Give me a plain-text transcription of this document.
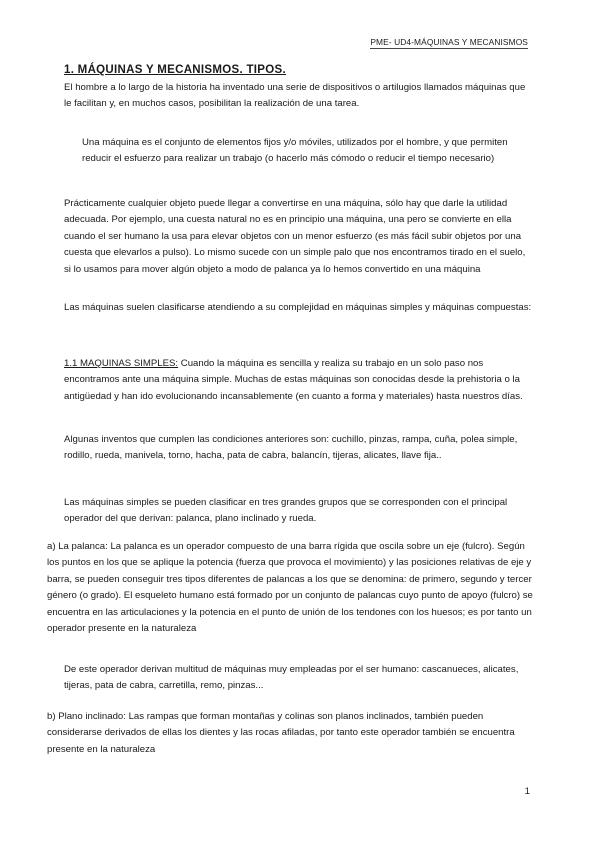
PME- UD4-MÁQUINAS Y MECANISMOS
1. MÁQUINAS Y MECANISMOS. TIPOS.

El hombre a lo largo de la historia ha inventado una serie de dispositivos o artilugios llamados máquinas que le facilitan y, en muchos casos, posibilitan la realización de una tarea.

Una máquina es el conjunto de elementos fijos y/o móviles, utilizados por el hombre, y que permiten reducir el esfuerzo para realizar un trabajo (o hacerlo más cómodo o reducir el tiempo necesario)

Prácticamente cualquier objeto puede llegar a convertirse en una máquina, sólo hay que darle la utilidad adecuada. Por ejemplo, una cuesta natural no es en principio una máquina, una pero se convierte en ella cuando el ser humano la usa para elevar objetos con un menor esfuerzo (es más fácil subir objetos por una cuesta que elevarlos a pulso). Lo mismo sucede con un simple palo que nos encontramos tirado en el suelo, si lo usamos para mover algún objeto a modo de palanca ya lo hemos convertido en una máquina

Las máquinas suelen clasificarse atendiendo a su complejidad en máquinas simples y máquinas compuestas:

1.1 MAQUINAS SIMPLES: Cuando la máquina es sencilla y realiza su trabajo en un solo paso nos encontramos ante una máquina simple. Muchas de estas máquinas son conocidas desde la prehistoria o la antigüedad y han ido evolucionando incansablemente (en cuanto a forma y materiales) hasta nuestros días.

Algunas inventos que cumplen las condiciones anteriores son: cuchillo, pinzas, rampa, cuña, polea simple, rodillo, rueda, manivela, torno, hacha, pata de cabra, balancín, tijeras, alicates, llave fija..

Las máquinas simples se pueden clasificar en tres grandes grupos que se corresponden con el principal operador del que derivan: palanca, plano inclinado y rueda.

a) La palanca: La palanca es un operador compuesto de una barra rígida que oscila sobre un eje (fulcro). Según los puntos en los que se aplique la potencia (fuerza que provoca el movimiento) y las posiciones relativas de eje y barra, se pueden conseguir tres tipos diferentes de palancas a los que se denomina: de primero, segundo y tercer género (o grado). El esqueleto humano está formado por un conjunto de palancas cuyo punto de apoyo (fulcro) se encuentra en las articulaciones y la potencia en el punto de unión de los tendones con los huesos; es por tanto un operador presente en la naturaleza

De este operador derivan multitud de máquinas muy empleadas por el ser humano: cascanueces, alicates, tijeras, pata de cabra, carretilla, remo, pinzas...

b) Plano inclinado: Las rampas que forman montañas y colinas son planos inclinados, también pueden considerarse derivados de ellas los dientes y las rocas afiladas, por tanto este operador también se encuentra presente en la naturaleza

1
